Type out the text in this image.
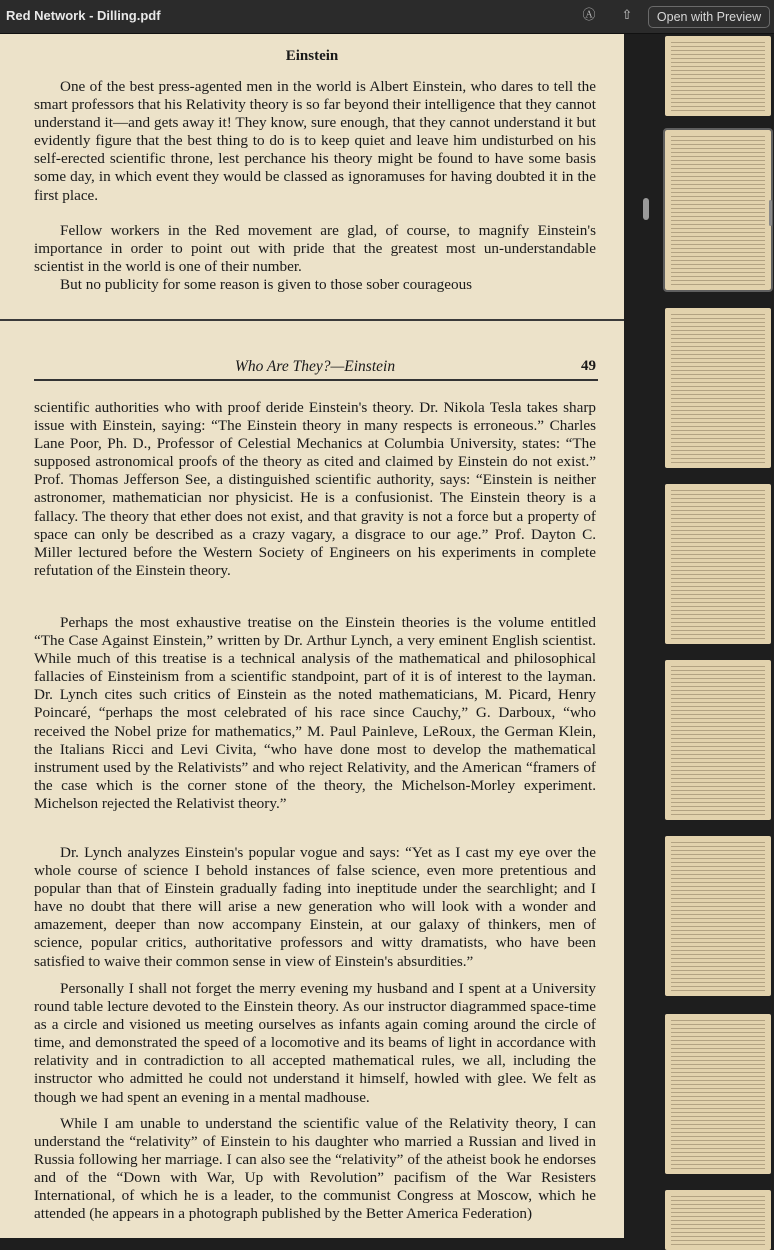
Red Network - Dilling.pdf	Ⓐ ⇧	Open with Preview
Einstein

One of the best press-agented men in the world is Albert Einstein, who dares to tell the smart professors that his Relativity theory is so far beyond their intelligence that they cannot understand it—and gets away it! They know, sure enough, that they cannot understand it but evidently figure that the best thing to do is to keep quiet and leave him undisturbed on his self-erected scientific throne, lest perchance his theory might be found to have some basis some day, in which event they would be classed as ignoramuses for having doubted it in the first place.

Fellow workers in the Red movement are glad, of course, to magnify Einstein's importance in order to point out with pride that the greatest most un-understandable scientist in the world is one of their number.

But no publicity for some reason is given to those sober courageous

Who Are They?—Einstein	49

scientific authorities who with proof deride Einstein's theory. Dr. Nikola Tesla takes sharp issue with Einstein, saying: “The Einstein theory in many respects is erroneous.” Charles Lane Poor, Ph. D., Professor of Celestial Mechanics at Columbia University, states: “The supposed astronomical proofs of the theory as cited and claimed by Einstein do not exist.” Prof. Thomas Jefferson See, a distinguished scientific authority, says: “Einstein is neither astronomer, mathematician nor physicist. He is a confusionist. The Einstein theory is a fallacy. The theory that ether does not exist, and that gravity is not a force but a property of space can only be described as a crazy vagary, a disgrace to our age.” Prof. Dayton C. Miller lectured before the Western Society of Engineers on his experiments in complete refutation of the Einstein theory.

Perhaps the most exhaustive treatise on the Einstein theories is the volume entitled “The Case Against Einstein,” written by Dr. Arthur Lynch, a very eminent English scientist. While much of this treatise is a technical analysis of the mathematical and philosophical fallacies of Einsteinism from a scientific standpoint, part of it is of interest to the layman. Dr. Lynch cites such critics of Einstein as the noted mathematicians, M. Picard, Henry Poincaré, “perhaps the most celebrated of his race since Cauchy,” G. Darboux, “who received the Nobel prize for mathematics,” M. Paul Painleve, LeRoux, the German Klein, the Italians Ricci and Levi Civita, “who have done most to develop the mathematical instrument used by the Relativists” and who reject Relativity, and the American “framers of the case which is the corner stone of the theory, the Michelson-Morley experiment. Michelson rejected the Relativist theory.”

Dr. Lynch analyzes Einstein's popular vogue and says: “Yet as I cast my eye over the whole course of science I behold instances of false science, even more pretentious and popular than that of Einstein gradually fading into ineptitude under the searchlight; and I have no doubt that there will arise a new generation who will look with a wonder and amazement, deeper than now accompany Einstein, at our galaxy of thinkers, men of science, popular critics, authoritative professors and witty dramatists, who have been satisfied to waive their common sense in view of Einstein's absurdities.”

Personally I shall not forget the merry evening my husband and I spent at a University round table lecture devoted to the Einstein theory. As our instructor diagrammed space-time as a circle and visioned us meeting ourselves as infants again coming around the circle of time, and demonstrated the speed of a locomotive and its beams of light in accordance with relativity and in contradiction to all accepted mathematical rules, we all, including the instructor who admitted he could not understand it himself, howled with glee. We felt as though we had spent an evening in a mental madhouse.

While I am unable to understand the scientific value of the Relativity theory, I can understand the “relativity” of Einstein to his daughter who married a Russian and lived in Russia following her marriage. I can also see the “relativity” of the atheist book he endorses and of the “Down with War, Up with Revolution” pacifism of the War Resisters International, of which he is a leader, to the communist Congress at Moscow, which he attended (he appears in a photograph published by the Better America Federation)
